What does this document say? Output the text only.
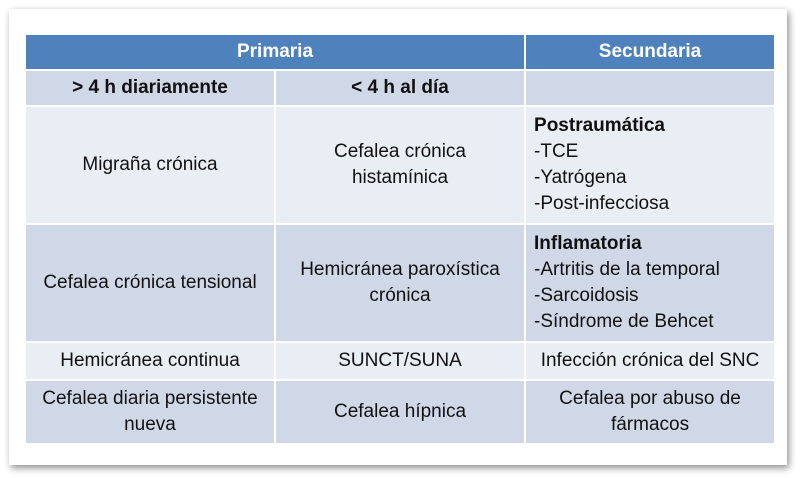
Primaria		Secundaria
> 4 h diariamente	< 4 h al día	
Migraña crónica	Cefalea crónica histamínica	Postraumática
-TCE
-Yatrógena
-Post-infecciosa

Cefalea crónica tensional	Hemicránea paroxística crónica	Inflamatoria
-Artritis de la temporal
-Sarcoidosis
-Síndrome de Behcet

Hemicránea continua	SUNCT/SUNA	Infección crónica del SNC
Cefalea diaria persistente nueva	Cefalea hípnica	Cefalea por abuso de fármacos
